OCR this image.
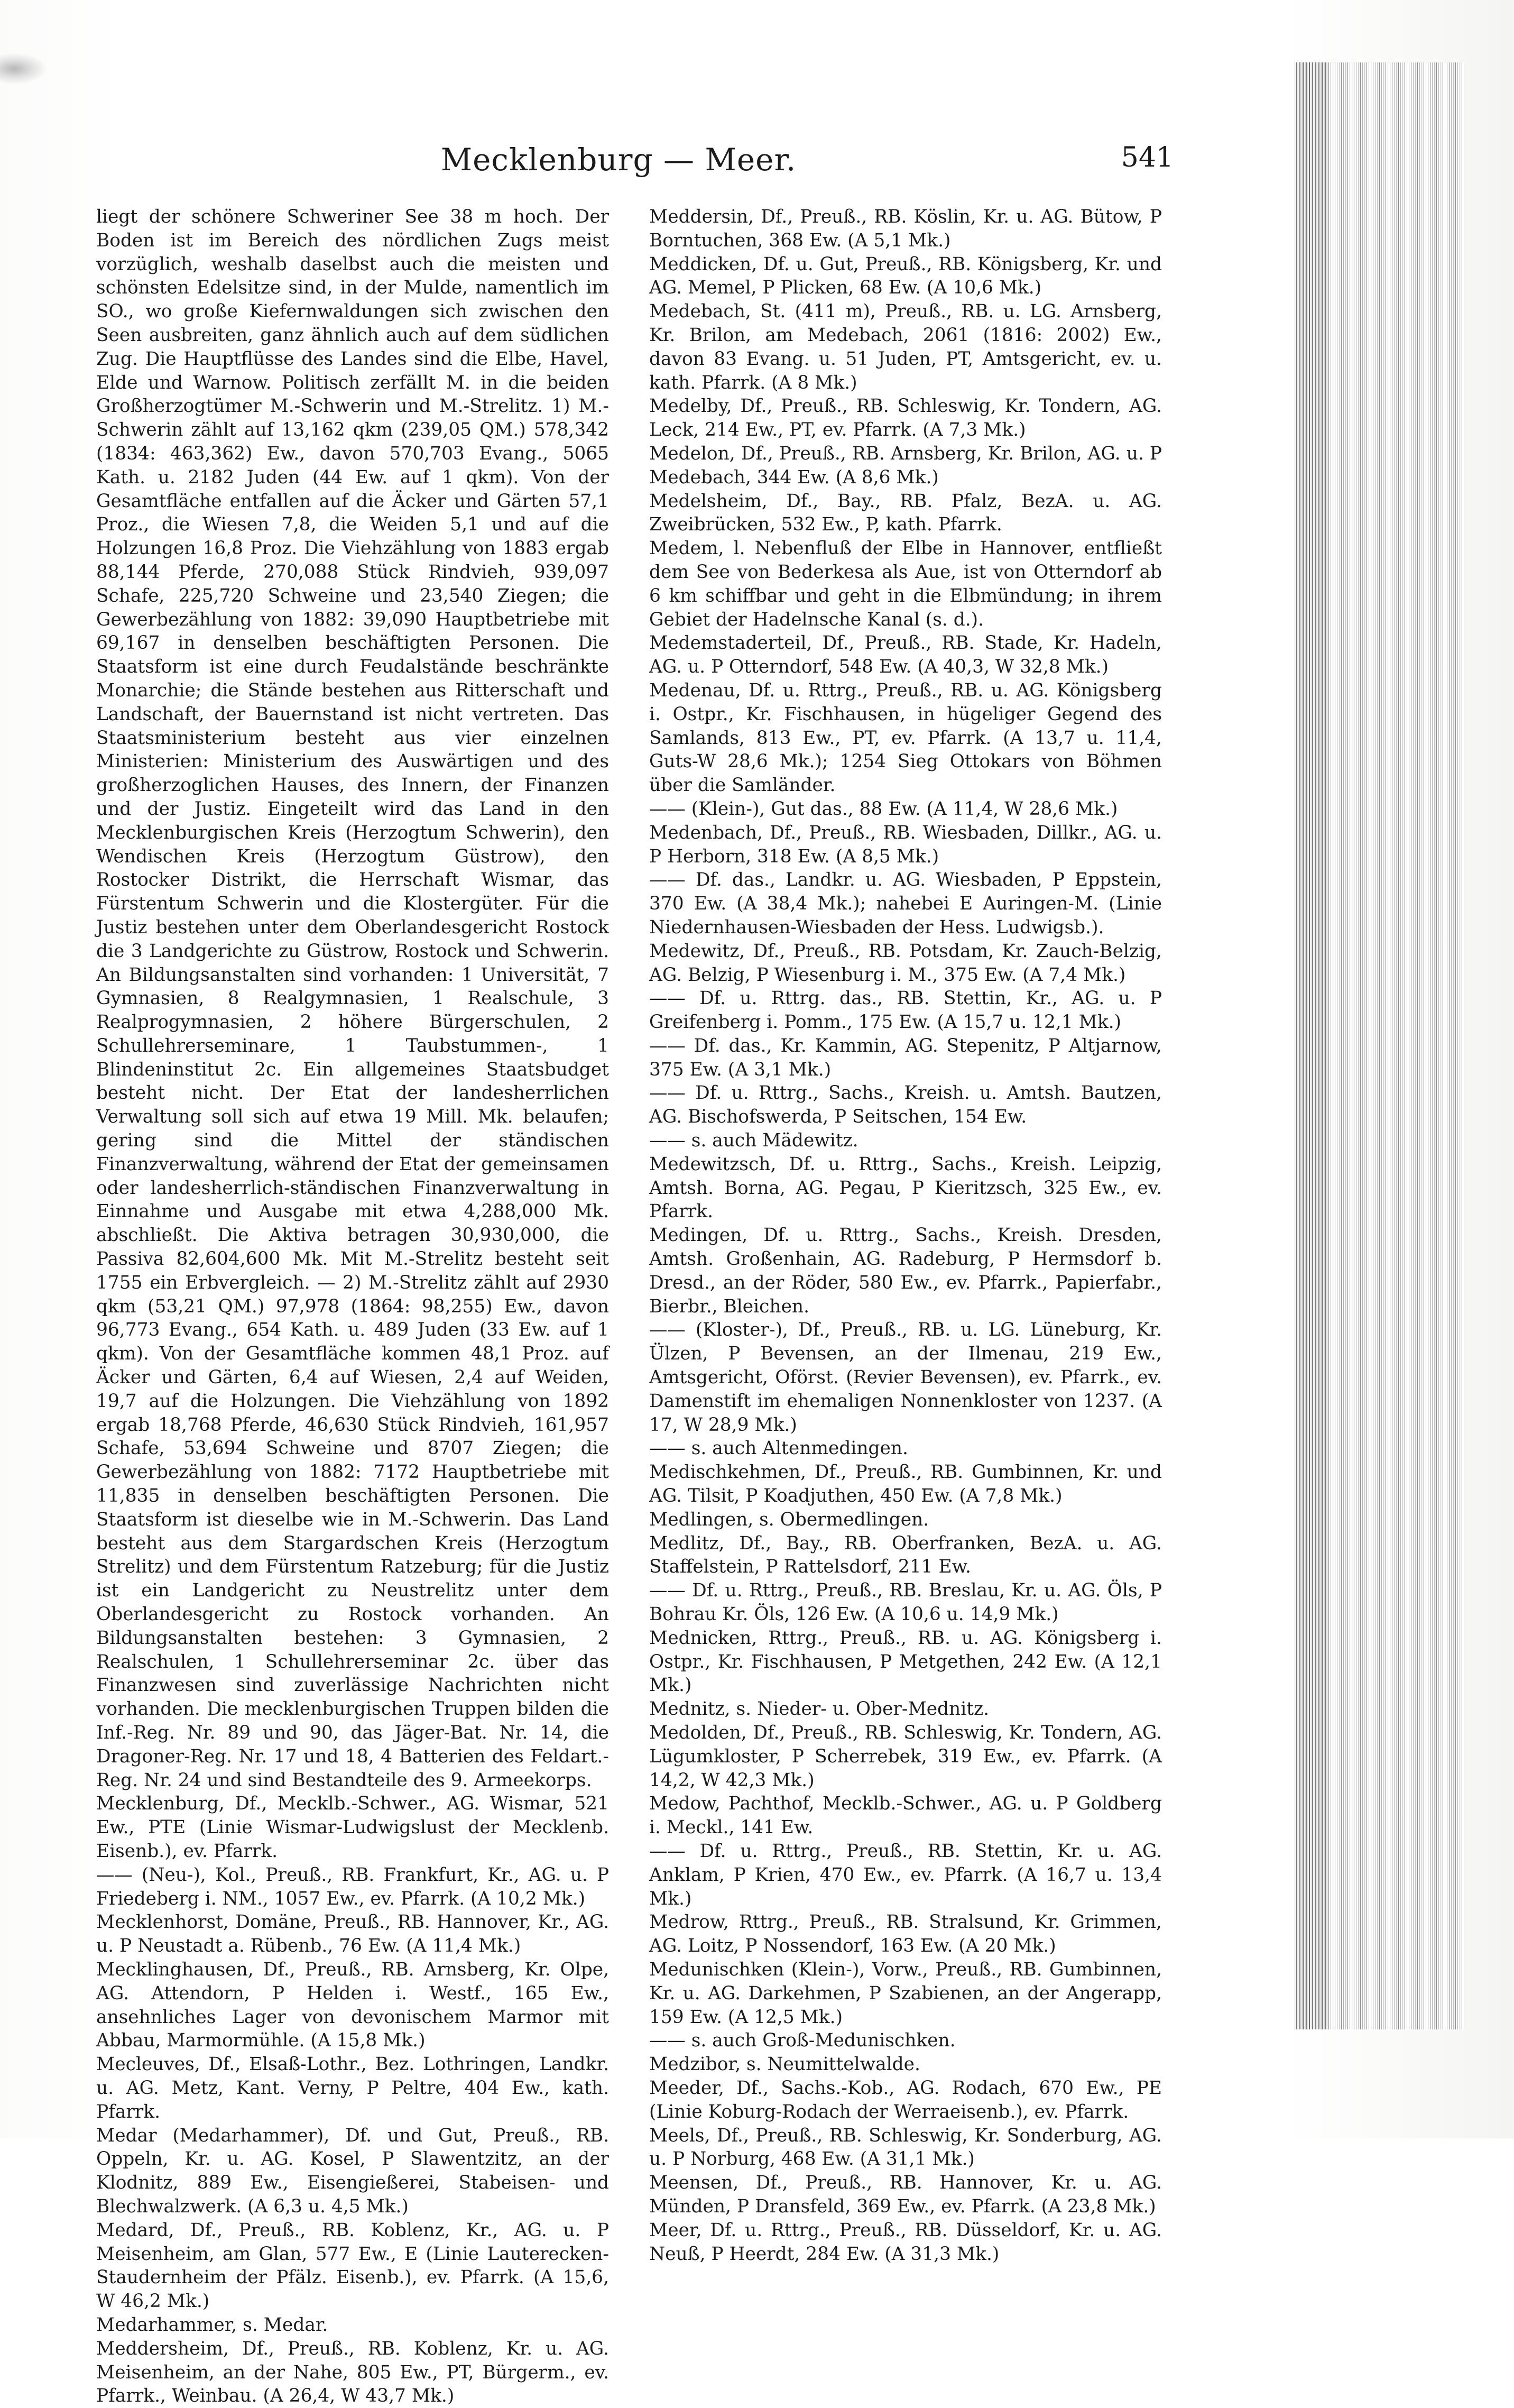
Mecklenburg — Meer.	541

liegt der schönere Schweriner See 38 m hoch. Der Boden ist im Bereich des nördlichen Zugs meist vorzüglich, weshalb daselbst auch die meisten und schönsten Edelsitze sind, in der Mulde, namentlich im SO., wo große Kiefernwaldungen sich zwischen den Seen ausbreiten, ganz ähnlich auch auf dem südlichen Zug. Die Hauptflüsse des Landes sind die Elbe, Havel, Elde und Warnow. Politisch zerfällt M. in die beiden Großherzogtümer M.-Schwerin und M.-Strelitz. 1) M.-Schwerin zählt auf 13,162 qkm (239,05 QM.) 578,342 (1834: 463,362) Ew., davon 570,703 Evang., 5065 Kath. u. 2182 Juden (44 Ew. auf 1 qkm). Von der Gesamtfläche entfallen auf die Äcker und Gärten 57,1 Proz., die Wiesen 7,8, die Weiden 5,1 und auf die Holzungen 16,8 Proz. Die Viehzählung von 1883 ergab 88,144 Pferde, 270,088 Stück Rindvieh, 939,097 Schafe, 225,720 Schweine und 23,540 Ziegen; die Gewerbezählung von 1882: 39,090 Hauptbetriebe mit 69,167 in denselben beschäftigten Personen. Die Staatsform ist eine durch Feudalstände beschränkte Monarchie; die Stände bestehen aus Ritterschaft und Landschaft, der Bauernstand ist nicht vertreten. Das Staatsministerium besteht aus vier einzelnen Ministerien: Ministerium des Auswärtigen und des großherzoglichen Hauses, des Innern, der Finanzen und der Justiz. Eingeteilt wird das Land in den Mecklenburgischen Kreis (Herzogtum Schwerin), den Wendischen Kreis (Herzogtum Güstrow), den Rostocker Distrikt, die Herrschaft Wismar, das Fürstentum Schwerin und die Klostergüter. Für die Justiz bestehen unter dem Oberlandesgericht Rostock die 3 Landgerichte zu Güstrow, Rostock und Schwerin. An Bildungsanstalten sind vorhanden: 1 Universität, 7 Gymnasien, 8 Realgymnasien, 1 Realschule, 3 Realprogymnasien, 2 höhere Bürgerschulen, 2 Schullehrerseminare, 1 Taubstummen-, 1 Blindeninstitut 2c. Ein allgemeines Staatsbudget besteht nicht. Der Etat der landesherrlichen Verwaltung soll sich auf etwa 19 Mill. Mk. belaufen; gering sind die Mittel der ständischen Finanzverwaltung, während der Etat der gemeinsamen oder landesherrlich-ständischen Finanzverwaltung in Einnahme und Ausgabe mit etwa 4,288,000 Mk. abschließt. Die Aktiva betragen 30,930,000, die Passiva 82,604,600 Mk. Mit M.-Strelitz besteht seit 1755 ein Erbvergleich. — 2) M.-Strelitz zählt auf 2930 qkm (53,21 QM.) 97,978 (1864: 98,255) Ew., davon 96,773 Evang., 654 Kath. u. 489 Juden (33 Ew. auf 1 qkm). Von der Gesamtfläche kommen 48,1 Proz. auf Äcker und Gärten, 6,4 auf Wiesen, 2,4 auf Weiden, 19,7 auf die Holzungen. Die Viehzählung von 1892 ergab 18,768 Pferde, 46,630 Stück Rindvieh, 161,957 Schafe, 53,694 Schweine und 8707 Ziegen; die Gewerbezählung von 1882: 7172 Hauptbetriebe mit 11,835 in denselben beschäftigten Personen. Die Staatsform ist dieselbe wie in M.-Schwerin. Das Land besteht aus dem Stargardschen Kreis (Herzogtum Strelitz) und dem Fürstentum Ratzeburg; für die Justiz ist ein Landgericht zu Neustrelitz unter dem Oberlandesgericht zu Rostock vorhanden. An Bildungsanstalten bestehen: 3 Gymnasien, 2 Realschulen, 1 Schullehrerseminar 2c. über das Finanzwesen sind zuverlässige Nachrichten nicht vorhanden. Die mecklenburgischen Truppen bilden die Inf.-Reg. Nr. 89 und 90, das Jäger-Bat. Nr. 14, die Dragoner-Reg. Nr. 17 und 18, 4 Batterien des Feldart.-Reg. Nr. 24 und sind Bestandteile des 9. Armeekorps.

Mecklenburg, Df., Mecklb.-Schwer., AG. Wismar, 521 Ew., PTE (Linie Wismar-Ludwigslust der Mecklenb. Eisenb.), ev. Pfarrk.

—— (Neu-), Kol., Preuß., RB. Frankfurt, Kr., AG. u. P Friedeberg i. NM., 1057 Ew., ev. Pfarrk. (A 10,2 Mk.)

Mecklenhorst, Domäne, Preuß., RB. Hannover, Kr., AG. u. P Neustadt a. Rübenb., 76 Ew. (A 11,4 Mk.)

Mecklinghausen, Df., Preuß., RB. Arnsberg, Kr. Olpe, AG. Attendorn, P Helden i. Westf., 165 Ew., ansehnliches Lager von devonischem Marmor mit Abbau, Marmormühle. (A 15,8 Mk.)

Mecleuves, Df., Elsaß-Lothr., Bez. Lothringen, Landkr. u. AG. Metz, Kant. Verny, P Peltre, 404 Ew., kath. Pfarrk.

Medar (Medarhammer), Df. und Gut, Preuß., RB. Oppeln, Kr. u. AG. Kosel, P Slawentzitz, an der Klodnitz, 889 Ew., Eisengießerei, Stabeisen- und Blechwalzwerk. (A 6,3 u. 4,5 Mk.)

Medard, Df., Preuß., RB. Koblenz, Kr., AG. u. P Meisenheim, am Glan, 577 Ew., E (Linie Lauterecken-Staudernheim der Pfälz. Eisenb.), ev. Pfarrk. (A 15,6, W 46,2 Mk.)

Medarhammer, s. Medar.

Meddersheim, Df., Preuß., RB. Koblenz, Kr. u. AG. Meisenheim, an der Nahe, 805 Ew., PT, Bürgerm., ev. Pfarrk., Weinbau. (A 26,4, W 43,7 Mk.)

Meddersin, Df., Preuß., RB. Köslin, Kr. u. AG. Bütow, P Borntuchen, 368 Ew. (A 5,1 Mk.)

Meddicken, Df. u. Gut, Preuß., RB. Königsberg, Kr. und AG. Memel, P Plicken, 68 Ew. (A 10,6 Mk.)

Medebach, St. (411 m), Preuß., RB. u. LG. Arnsberg, Kr. Brilon, am Medebach, 2061 (1816: 2002) Ew., davon 83 Evang. u. 51 Juden, PT, Amtsgericht, ev. u. kath. Pfarrk. (A 8 Mk.)

Medelby, Df., Preuß., RB. Schleswig, Kr. Tondern, AG. Leck, 214 Ew., PT, ev. Pfarrk. (A 7,3 Mk.)

Medelon, Df., Preuß., RB. Arnsberg, Kr. Brilon, AG. u. P Medebach, 344 Ew. (A 8,6 Mk.)

Medelsheim, Df., Bay., RB. Pfalz, BezA. u. AG. Zweibrücken, 532 Ew., P, kath. Pfarrk.

Medem, l. Nebenfluß der Elbe in Hannover, entfließt dem See von Bederkesa als Aue, ist von Otterndorf ab 6 km schiffbar und geht in die Elbmündung; in ihrem Gebiet der Hadelnsche Kanal (s. d.).

Medemstaderteil, Df., Preuß., RB. Stade, Kr. Hadeln, AG. u. P Otterndorf, 548 Ew. (A 40,3, W 32,8 Mk.)

Medenau, Df. u. Rttrg., Preuß., RB. u. AG. Königsberg i. Ostpr., Kr. Fischhausen, in hügeliger Gegend des Samlands, 813 Ew., PT, ev. Pfarrk. (A 13,7 u. 11,4, Guts-W 28,6 Mk.); 1254 Sieg Ottokars von Böhmen über die Samländer.

—— (Klein-), Gut das., 88 Ew. (A 11,4, W 28,6 Mk.)

Medenbach, Df., Preuß., RB. Wiesbaden, Dillkr., AG. u. P Herborn, 318 Ew. (A 8,5 Mk.)

—— Df. das., Landkr. u. AG. Wiesbaden, P Eppstein, 370 Ew. (A 38,4 Mk.); nahebei E Auringen-M. (Linie Niedernhausen-Wiesbaden der Hess. Ludwigsb.).

Medewitz, Df., Preuß., RB. Potsdam, Kr. Zauch-Belzig, AG. Belzig, P Wiesenburg i. M., 375 Ew. (A 7,4 Mk.)

—— Df. u. Rttrg. das., RB. Stettin, Kr., AG. u. P Greifenberg i. Pomm., 175 Ew. (A 15,7 u. 12,1 Mk.)

—— Df. das., Kr. Kammin, AG. Stepenitz, P Altjarnow, 375 Ew. (A 3,1 Mk.)

—— Df. u. Rttrg., Sachs., Kreish. u. Amtsh. Bautzen, AG. Bischofswerda, P Seitschen, 154 Ew.

—— s. auch Mädewitz.

Medewitzsch, Df. u. Rttrg., Sachs., Kreish. Leipzig, Amtsh. Borna, AG. Pegau, P Kieritzsch, 325 Ew., ev. Pfarrk.

Medingen, Df. u. Rttrg., Sachs., Kreish. Dresden, Amtsh. Großenhain, AG. Radeburg, P Hermsdorf b. Dresd., an der Röder, 580 Ew., ev. Pfarrk., Papierfabr., Bierbr., Bleichen.

—— (Kloster-), Df., Preuß., RB. u. LG. Lüneburg, Kr. Ülzen, P Bevensen, an der Ilmenau, 219 Ew., Amtsgericht, Oförst. (Revier Bevensen), ev. Pfarrk., ev. Damenstift im ehemaligen Nonnenkloster von 1237. (A 17, W 28,9 Mk.)

—— s. auch Altenmedingen.

Medischkehmen, Df., Preuß., RB. Gumbinnen, Kr. und AG. Tilsit, P Koadjuthen, 450 Ew. (A 7,8 Mk.)

Medlingen, s. Obermedlingen.

Medlitz, Df., Bay., RB. Oberfranken, BezA. u. AG. Staffelstein, P Rattelsdorf, 211 Ew.

—— Df. u. Rttrg., Preuß., RB. Breslau, Kr. u. AG. Öls, P Bohrau Kr. Öls, 126 Ew. (A 10,6 u. 14,9 Mk.)

Mednicken, Rttrg., Preuß., RB. u. AG. Königsberg i. Ostpr., Kr. Fischhausen, P Metgethen, 242 Ew. (A 12,1 Mk.)

Mednitz, s. Nieder- u. Ober-Mednitz.

Medolden, Df., Preuß., RB. Schleswig, Kr. Tondern, AG. Lügumkloster, P Scherrebek, 319 Ew., ev. Pfarrk. (A 14,2, W 42,3 Mk.)

Medow, Pachthof, Mecklb.-Schwer., AG. u. P Goldberg i. Meckl., 141 Ew.

—— Df. u. Rttrg., Preuß., RB. Stettin, Kr. u. AG. Anklam, P Krien, 470 Ew., ev. Pfarrk. (A 16,7 u. 13,4 Mk.)

Medrow, Rttrg., Preuß., RB. Stralsund, Kr. Grimmen, AG. Loitz, P Nossendorf, 163 Ew. (A 20 Mk.)

Medunischken (Klein-), Vorw., Preuß., RB. Gumbinnen, Kr. u. AG. Darkehmen, P Szabienen, an der Angerapp, 159 Ew. (A 12,5 Mk.)

—— s. auch Groß-Medunischken.

Medzibor, s. Neumittelwalde.

Meeder, Df., Sachs.-Kob., AG. Rodach, 670 Ew., PE (Linie Koburg-Rodach der Werraeisenb.), ev. Pfarrk.

Meels, Df., Preuß., RB. Schleswig, Kr. Sonderburg, AG. u. P Norburg, 468 Ew. (A 31,1 Mk.)

Meensen, Df., Preuß., RB. Hannover, Kr. u. AG. Münden, P Dransfeld, 369 Ew., ev. Pfarrk. (A 23,8 Mk.)

Meer, Df. u. Rttrg., Preuß., RB. Düsseldorf, Kr. u. AG. Neuß, P Heerdt, 284 Ew. (A 31,3 Mk.)
